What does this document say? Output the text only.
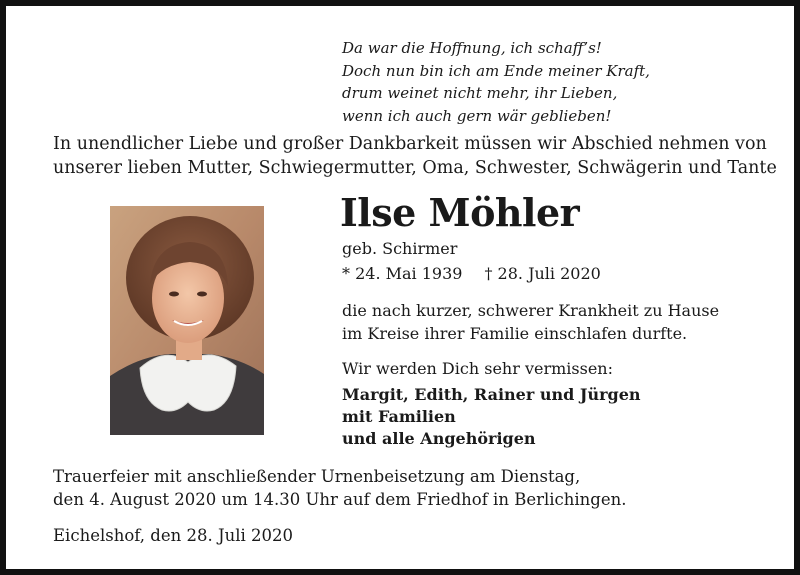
Da war die Hoffnung, ich schaff’s!
Doch nun bin ich am Ende meiner Kraft,
drum weinet nicht mehr, ihr Lieben,
wenn ich auch gern wär geblieben!
In unendlicher Liebe und großer Dankbarkeit müssen wir Abschied nehmen von
unserer lieben Mutter, Schwiegermutter, Oma, Schwester, Schwägerin und Tante
Ilse Möhler
geb. Schirmer
* 24. Mai 1939 † 28. Juli 2020
die nach kurzer, schwerer Krankheit zu Hause
im Kreise ihrer Familie einschlafen durfte.
Wir werden Dich sehr vermissen:
Margit, Edith, Rainer und Jürgen
mit Familien
und alle Angehörigen
Trauerfeier mit anschließender Urnenbeisetzung am Dienstag,
den 4. August 2020 um 14.30 Uhr auf dem Friedhof in Berlichingen.
Eichelshof, den 28. Juli 2020
